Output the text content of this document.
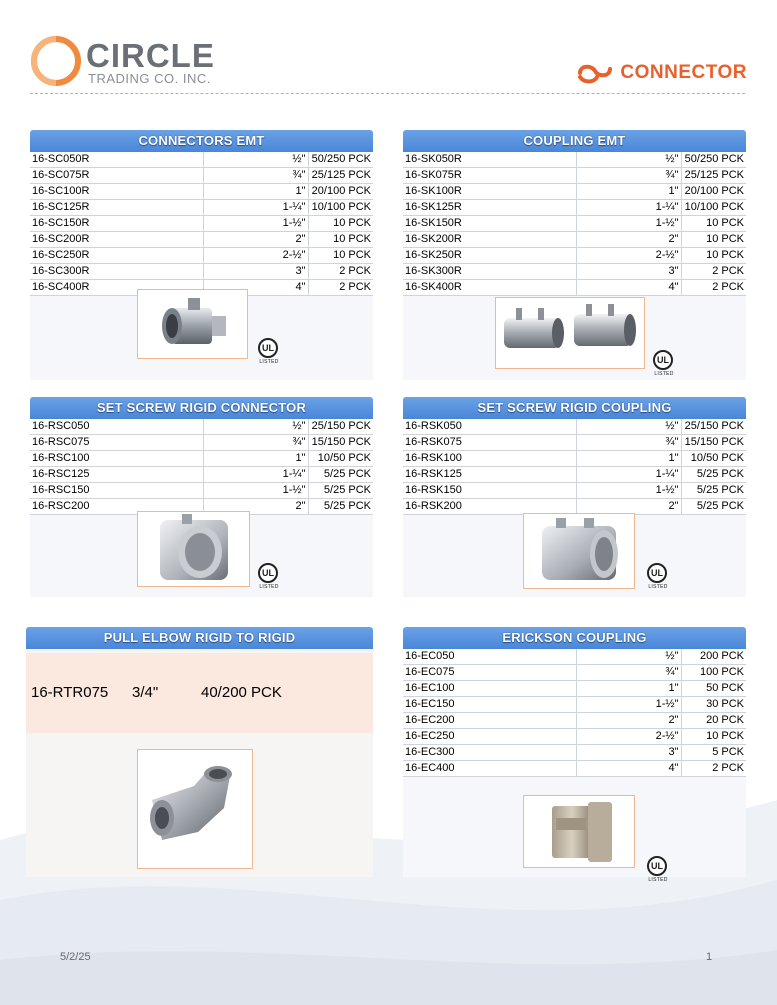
CIRCLE
TRADING CO. INC.	CONNECTOR
CONNECTORS EMT
16-SC050R	½"	50/250 PCK
16-SC075R	¾"	25/125 PCK
16-SC100R	1"	20/100 PCK
16-SC125R	1-¼"	10/100 PCK
16-SC150R	1-½"	10 PCK
16-SC200R	2"	10 PCK
16-SC250R	2-½"	10 PCK
16-SC300R	3"	2 PCK
16-SC400R	4"	2 PCK
UL
LISTED
COUPLING EMT
16-SK050R	½"	50/250 PCK
16-SK075R	¾"	25/125 PCK
16-SK100R	1"	20/100 PCK
16-SK125R	1-¼"	10/100 PCK
16-SK150R	1-½"	10 PCK
16-SK200R	2"	10 PCK
16-SK250R	2-½"	10 PCK
16-SK300R	3"	2 PCK
16-SK400R	4"	2 PCK
UL
LISTED
SET SCREW RIGID CONNECTOR
16-RSC050	½"	25/150 PCK
16-RSC075	¾"	15/150 PCK
16-RSC100	1"	10/50 PCK
16-RSC125	1-¼"	5/25 PCK
16-RSC150	1-½"	5/25 PCK
16-RSC200	2"	5/25 PCK
UL
LISTED
SET SCREW RIGID COUPLING
16-RSK050	½"	25/150 PCK
16-RSK075	¾"	15/150 PCK
16-RSK100	1"	10/50 PCK
16-RSK125	1-¼"	5/25 PCK
16-RSK150	1-½"	5/25 PCK
16-RSK200	2"	5/25 PCK
UL
LISTED
PULL ELBOW RIGID TO RIGID
16-RTR075 3/4"	40/200 PCK
ERICKSON COUPLING
16-EC050	½"	200 PCK
16-EC075	¾"	100 PCK
16-EC100	1"	50 PCK
16-EC150	1-½"	30 PCK
16-EC200	2"	20 PCK
16-EC250	2-½"	10 PCK
16-EC300	3"	5 PCK
16-EC400	4"	2 PCK
UL
LISTED
5/2/25	1
